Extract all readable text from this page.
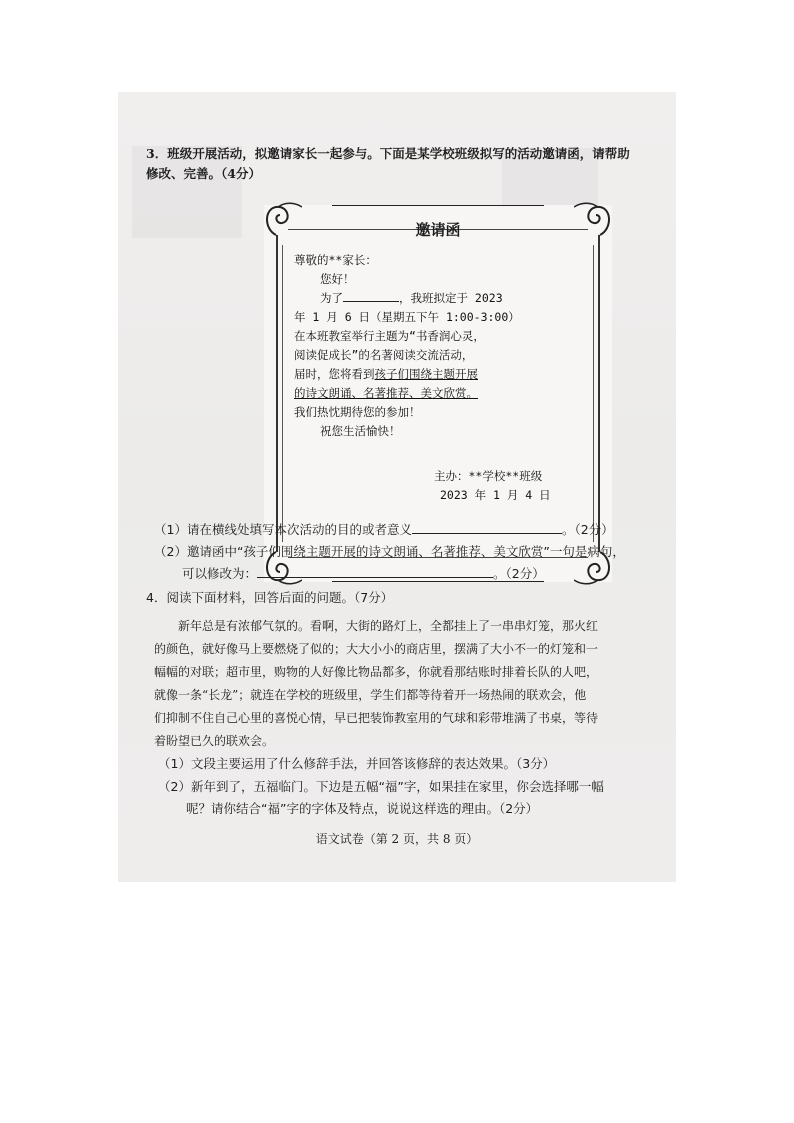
3．班级开展活动，拟邀请家长一起参与。下面是某学校班级拟写的活动邀请函，请帮助
修改、完善。（4分）
邀请函
尊敬的**家长：
您好！
为了	，我班拟定于 2023
年 1 月 6 日（星期五下午 1:00-3:00）
在本班教室举行主题为“书香润心灵，
阅读促成长”的名著阅读交流活动，
届时，您将看到孩子们围绕主题开展
的诗文朗诵、名著推荐、美文欣赏。
我们热忱期待您的参加！
祝您生活愉快！
主办：**学校**班级
2023 年 1 月 4 日
（1）请在横线处填写本次活动的目的或者意义	。（2分）
（2）邀请函中“孩子们围绕主题开展的诗文朗诵、名著推荐、美文欣赏”一句是病句，
可以修改为：	。（2分）
4．阅读下面材料，回答后面的问题。（7分）
新年总是有浓郁气氛的。看啊，大街的路灯上，全都挂上了一串串灯笼，那火红
的颜色，就好像马上要燃烧了似的；大大小小的商店里，摆满了大小不一的灯笼和一
幅幅的对联；超市里，购物的人好像比物品都多，你就看那结账时排着长队的人吧，
就像一条“长龙”；就连在学校的班级里，学生们都等待着开一场热闹的联欢会，他
们抑制不住自己心里的喜悦心情，早已把装饰教室用的气球和彩带堆满了书桌，等待
着盼望已久的联欢会。
（1）文段主要运用了什么修辞手法，并回答该修辞的表达效果。（3分）
（2）新年到了，五福临门。下边是五幅“福”字，如果挂在家里，你会选择哪一幅
呢？请你结合“福”字的字体及特点，说说这样选的理由。（2分）
语文试卷（第 2 页，共 8 页）
